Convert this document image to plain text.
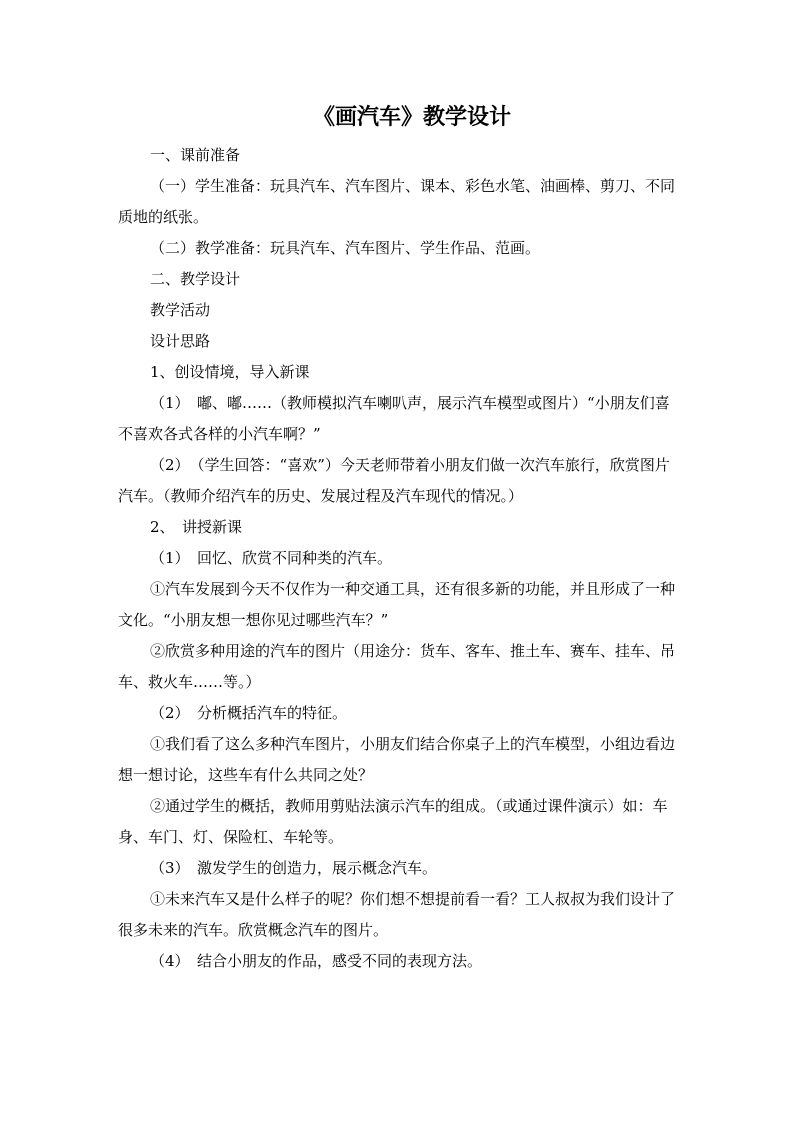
《画汽车》教学设计

一、课前准备

（一）学生准备：玩具汽车、汽车图片、课本、彩色水笔、油画棒、剪刀、不同质地的纸张。

（二）教学准备：玩具汽车、汽车图片、学生作品、范画。

二、教学设计

教学活动

设计思路

1、创设情境，导入新课

（1）　嘟、嘟……（教师模拟汽车喇叭声，展示汽车模型或图片）“小朋友们喜不喜欢各式各样的小汽车啊？”

（2）　（学生回答：“喜欢”）今天老师带着小朋友们做一次汽车旅行，欣赏图片汽车。（教师介绍汽车的历史、发展过程及汽车现代的情况。）

2、　讲授新课

（1）　回忆、欣赏不同种类的汽车。

①汽车发展到今天不仅作为一种交通工具，还有很多新的功能，并且形成了一种文化。“小朋友想一想你见过哪些汽车？”

②欣赏多种用途的汽车的图片（用途分：货车、客车、推土车、赛车、挂车、吊车、救火车……等。）

（2）　分析概括汽车的特征。

①我们看了这么多种汽车图片，小朋友们结合你桌子上的汽车模型，小组边看边想一想讨论，这些车有什么共同之处？

②通过学生的概括，教师用剪贴法演示汽车的组成。（或通过课件演示）如：车身、车门、灯、保险杠、车轮等。

（3）　激发学生的创造力，展示概念汽车。

①未来汽车又是什么样子的呢？你们想不想提前看一看？工人叔叔为我们设计了很多未来的汽车。欣赏概念汽车的图片。

（4）　结合小朋友的作品，感受不同的表现方法。
